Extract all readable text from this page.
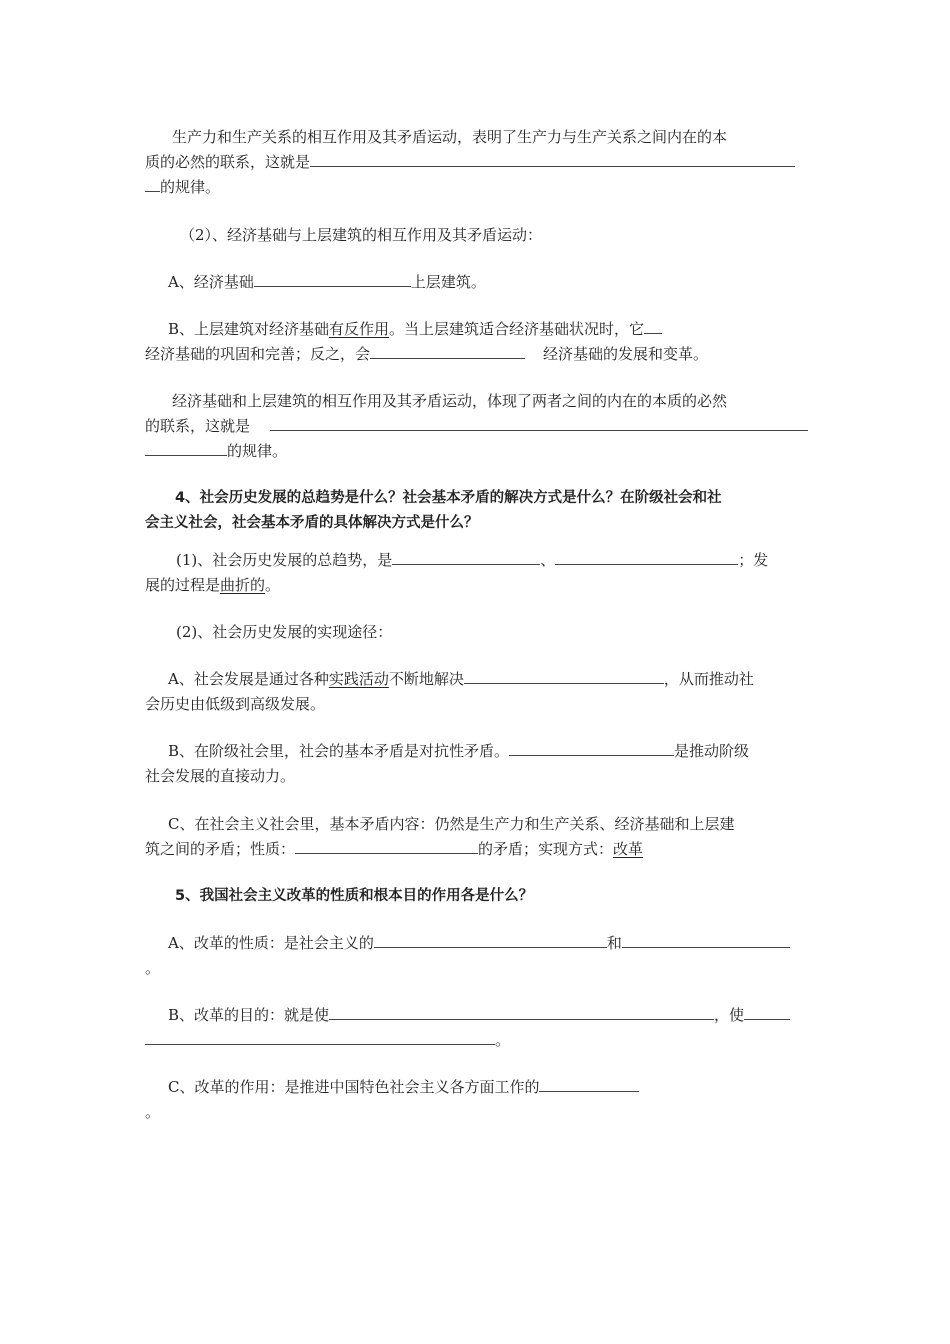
生产力和生产关系的相互作用及其矛盾运动，表明了生产力与生产关系之间内在的本
质的必然的联系，这就是
的规律。
（2）、经济基础与上层建筑的相互作用及其矛盾运动：
A、经济基础	上层建筑。
B、上层建筑对经济基础有反作用。当上层建筑适合经济基础状况时，它
经济基础的巩固和完善；反之，会	经济基础的发展和变革。
经济基础和上层建筑的相互作用及其矛盾运动，体现了两者之间的内在的本质的必然
的联系，这就是
的规律。
4、社会历史发展的总趋势是什么？社会基本矛盾的解决方式是什么？在阶级社会和社
会主义社会，社会基本矛盾的具体解决方式是什么？
(1)、社会历史发展的总趋势，是	、	；发
展的过程是曲折的。
(2)、社会历史发展的实现途径：
A、社会发展是通过各种实践活动不断地解决	，从而推动社
会历史由低级到高级发展。
B、在阶级社会里，社会的基本矛盾是对抗性矛盾。	是推动阶级
社会发展的直接动力。
C、在社会主义社会里，基本矛盾内容：仍然是生产力和生产关系、经济基础和上层建
筑之间的矛盾；性质：	的矛盾；实现方式：改革
5、我国社会主义改革的性质和根本目的作用各是什么？
A、改革的性质：是社会主义的	和
。
B、改革的目的：就是使	，使
。
C、改革的作用：是推进中国特色社会主义各方面工作的
。
